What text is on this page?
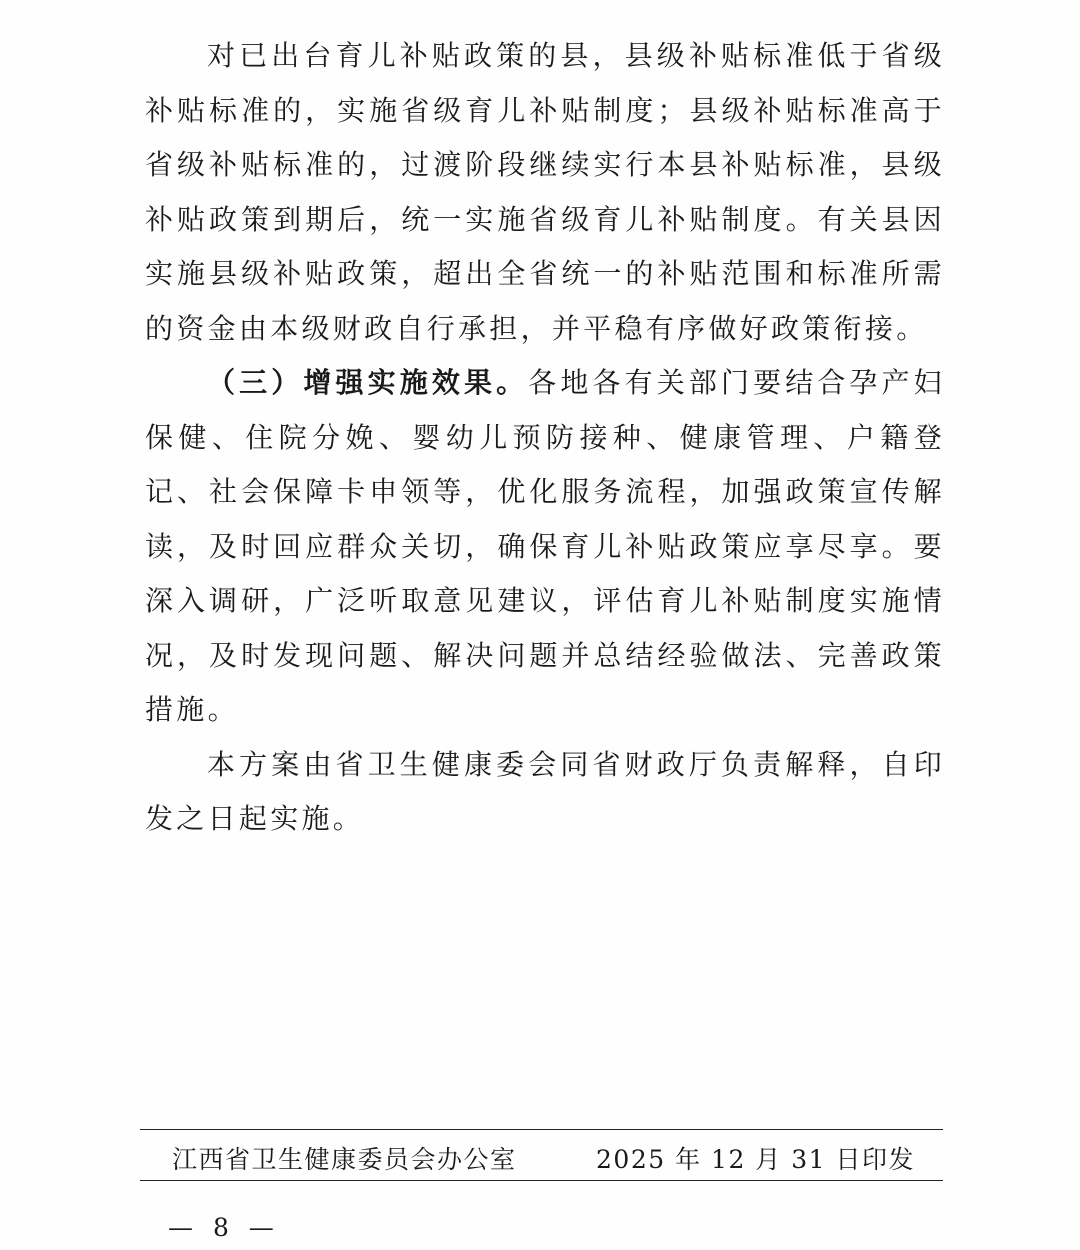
对已出台育儿补贴政策的县，县级补贴标准低于省级补贴标准的，实施省级育儿补贴制度；县级补贴标准高于省级补贴标准的，过渡阶段继续实行本县补贴标准，县级补贴政策到期后，统一实施省级育儿补贴制度。有关县因实施县级补贴政策，超出全省统一的补贴范围和标准所需的资金由本级财政自行承担，并平稳有序做好政策衔接。

（三）增强实施效果。各地各有关部门要结合孕产妇保健、住院分娩、婴幼儿预防接种、健康管理、户籍登记、社会保障卡申领等，优化服务流程，加强政策宣传解读，及时回应群众关切，确保育儿补贴政策应享尽享。要深入调研，广泛听取意见建议，评估育儿补贴制度实施情况，及时发现问题、解决问题并总结经验做法、完善政策措施。

本方案由省卫生健康委会同省财政厅负责解释，自印发之日起实施。

江西省卫生健康委员会办公室	2025 年 12 月 31 日印发
— 8 —
